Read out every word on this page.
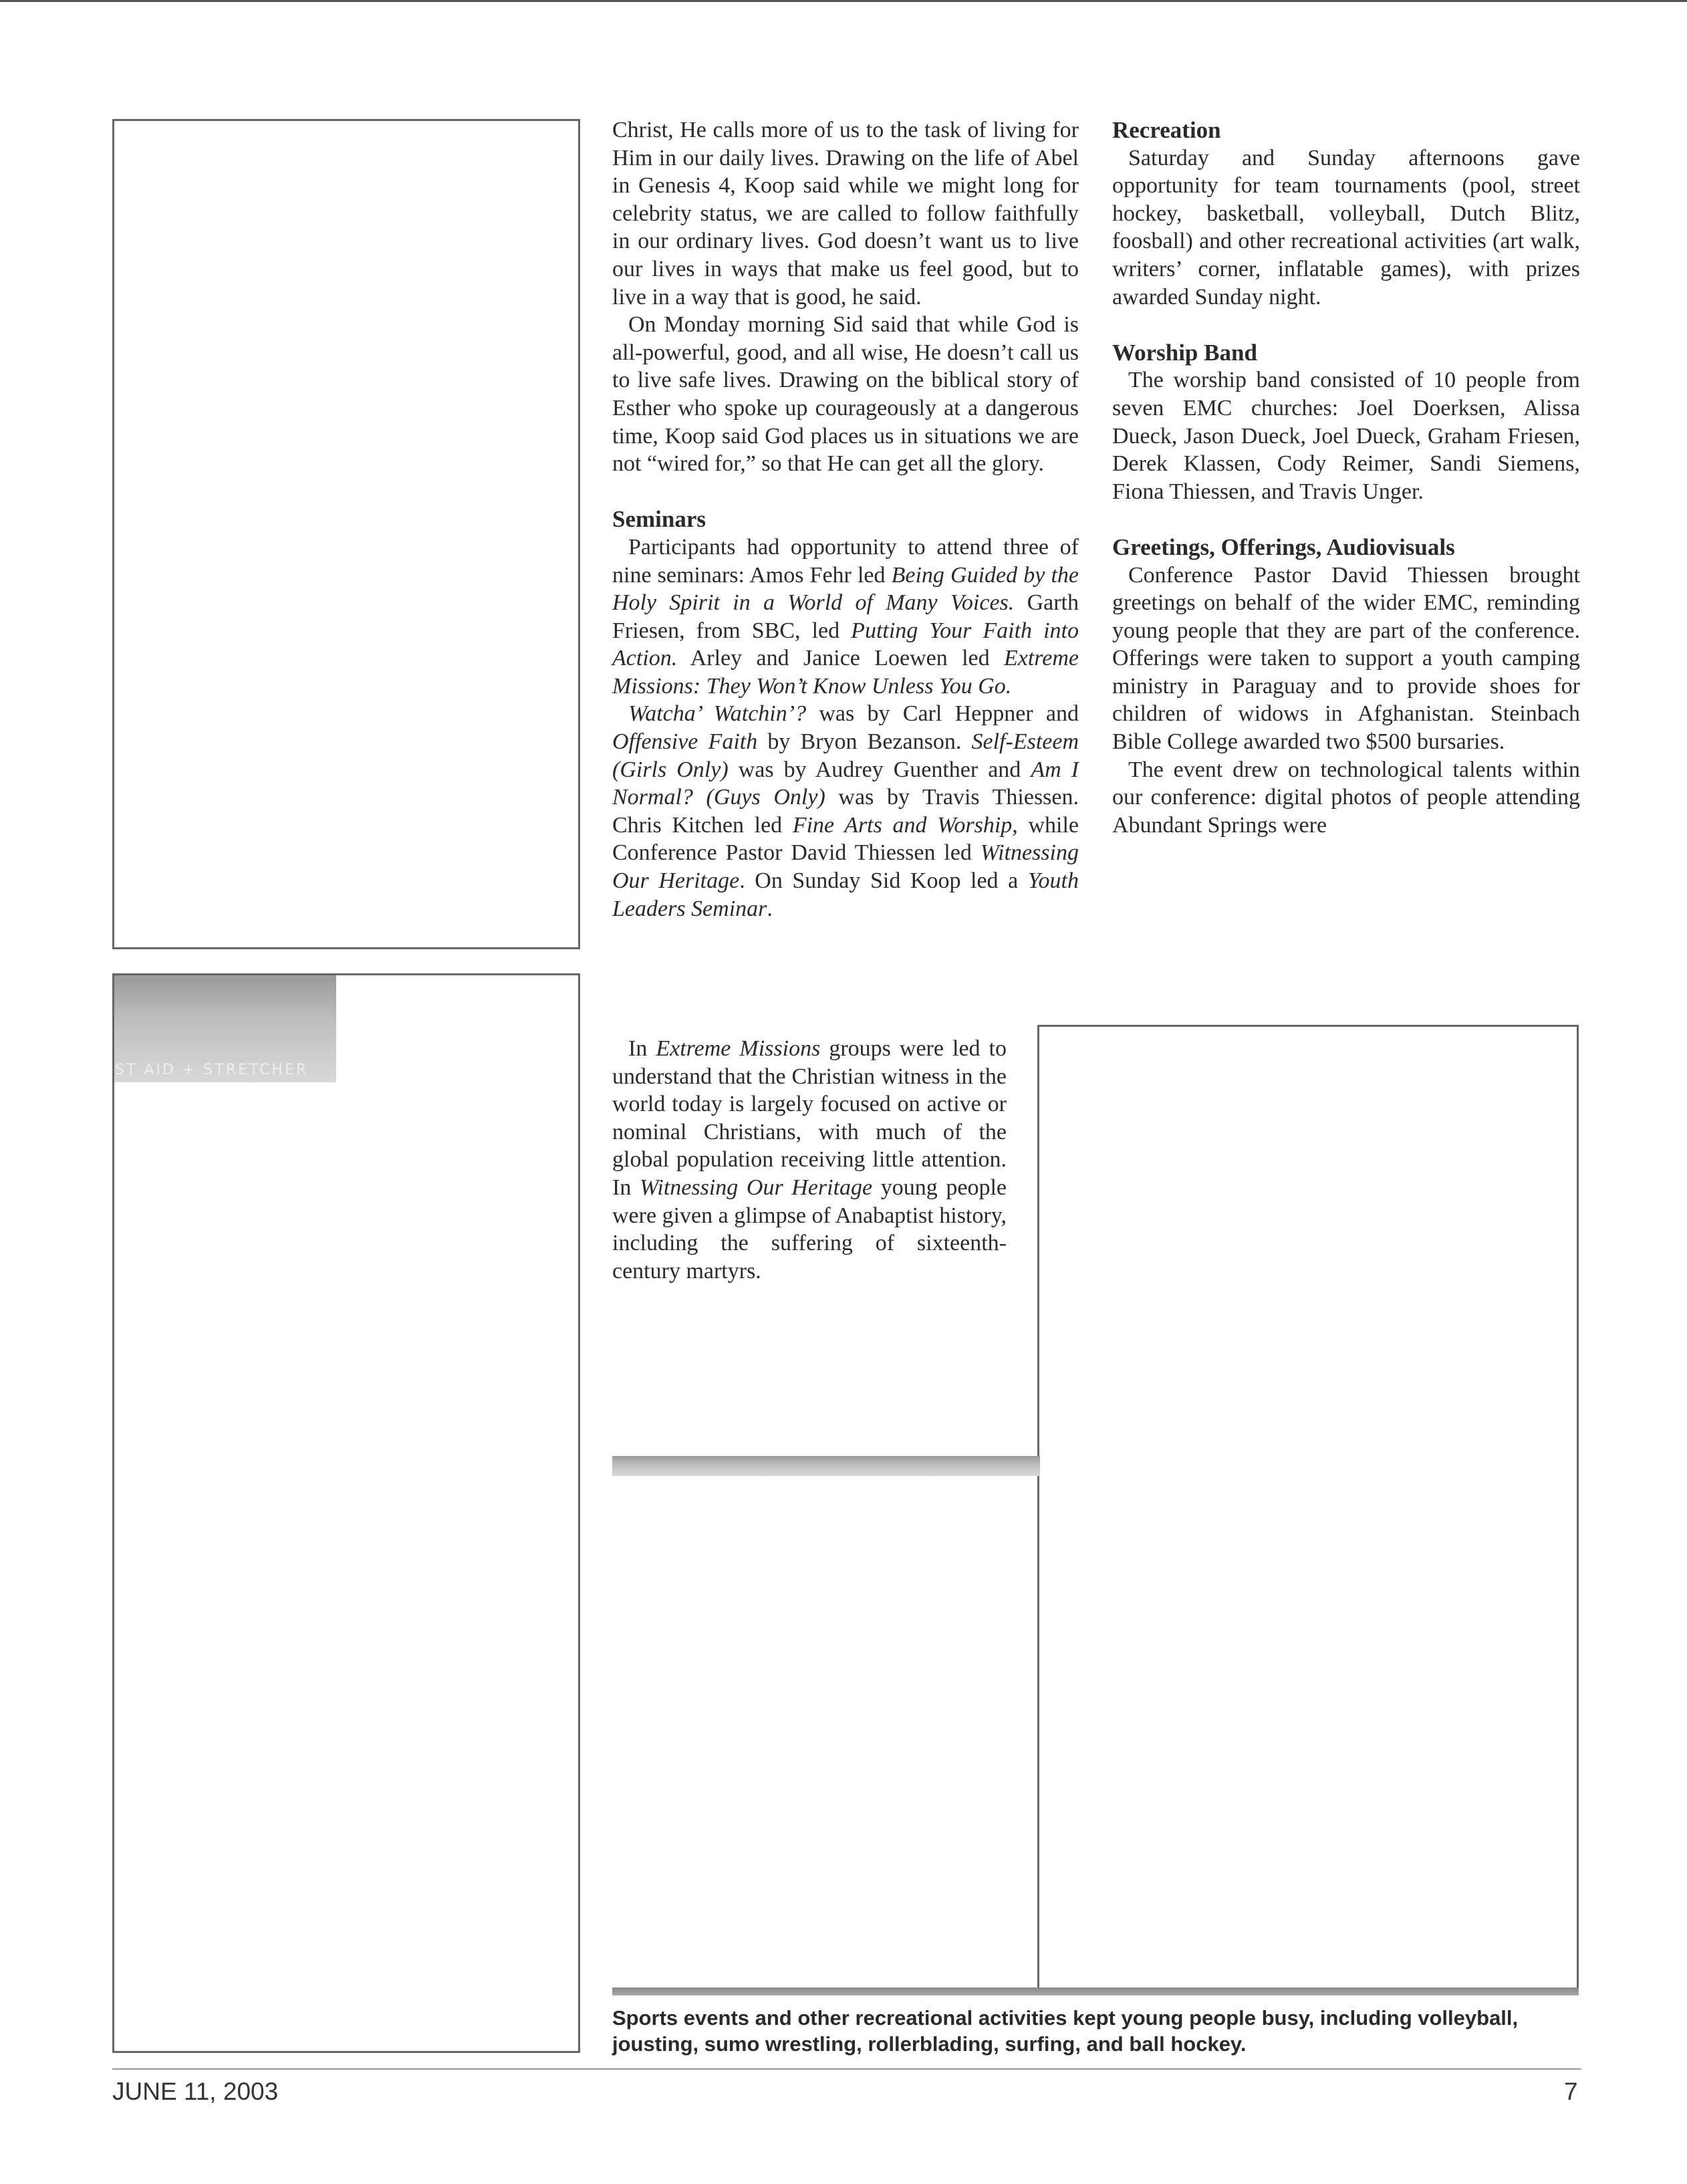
ST AID + STRETCHER

Christ, He calls more of us to the task of living for Him in our daily lives. Drawing on the life of Abel in Genesis 4, Koop said while we might long for celebrity status, we are called to follow faithfully in our ordinary lives. God doesn’t want us to live our lives in ways that make us feel good, but to live in a way that is good, he said.

On Monday morning Sid said that while God is all-powerful, good, and all wise, He doesn’t call us to live safe lives. Drawing on the biblical story of Esther who spoke up courageously at a dangerous time, Koop said God places us in situations we are not “wired for,” so that He can get all the glory.

Seminars

Participants had opportunity to attend three of nine seminars: Amos Fehr led Being Guided by the Holy Spirit in a World of Many Voices. Garth Friesen, from SBC, led Putting Your Faith into Action. Arley and Janice Loewen led Extreme Missions: They Won’t Know Unless You Go.

Watcha’ Watchin’? was by Carl Heppner and Offensive Faith by Bryon Bezanson. Self-Esteem (Girls Only) was by Audrey Guenther and Am I Normal? (Guys Only) was by Travis Thiessen. Chris Kitchen led Fine Arts and Worship, while Conference Pastor David Thiessen led Witnessing Our Heritage. On Sunday Sid Koop led a Youth Leaders Seminar.

In Extreme Missions groups were led to understand that the Christian witness in the world today is largely focused on active or nominal Christians, with much of the global population receiving little attention. In Witnessing Our Heritage young people were given a glimpse of Anabaptist history, including the suffering of sixteenth-century martyrs.

Recreation

Saturday and Sunday afternoons gave opportunity for team tournaments (pool, street hockey, basketball, volleyball, Dutch Blitz, foosball) and other recreational activities (art walk, writers’ corner, inflatable games), with prizes awarded Sunday night.

Worship Band

The worship band consisted of 10 people from seven EMC churches: Joel Doerksen, Alissa Dueck, Jason Dueck, Joel Dueck, Graham Friesen, Derek Klassen, Cody Reimer, Sandi Siemens, Fiona Thiessen, and Travis Unger.

Greetings, Offerings, Audiovisuals

Conference Pastor David Thiessen brought greetings on behalf of the wider EMC, reminding young people that they are part of the conference. Offerings were taken to support a youth camping ministry in Paraguay and to provide shoes for children of widows in Afghanistan. Steinbach Bible College awarded two $500 bursaries.

The event drew on technological talents within our conference: digital photos of people attending Abundant Springs were

Sports events and other recreational activities kept young people busy, including volleyball, jousting, sumo wrestling, rollerblading, surfing, and ball hockey.
JUNE 11, 2003	7
